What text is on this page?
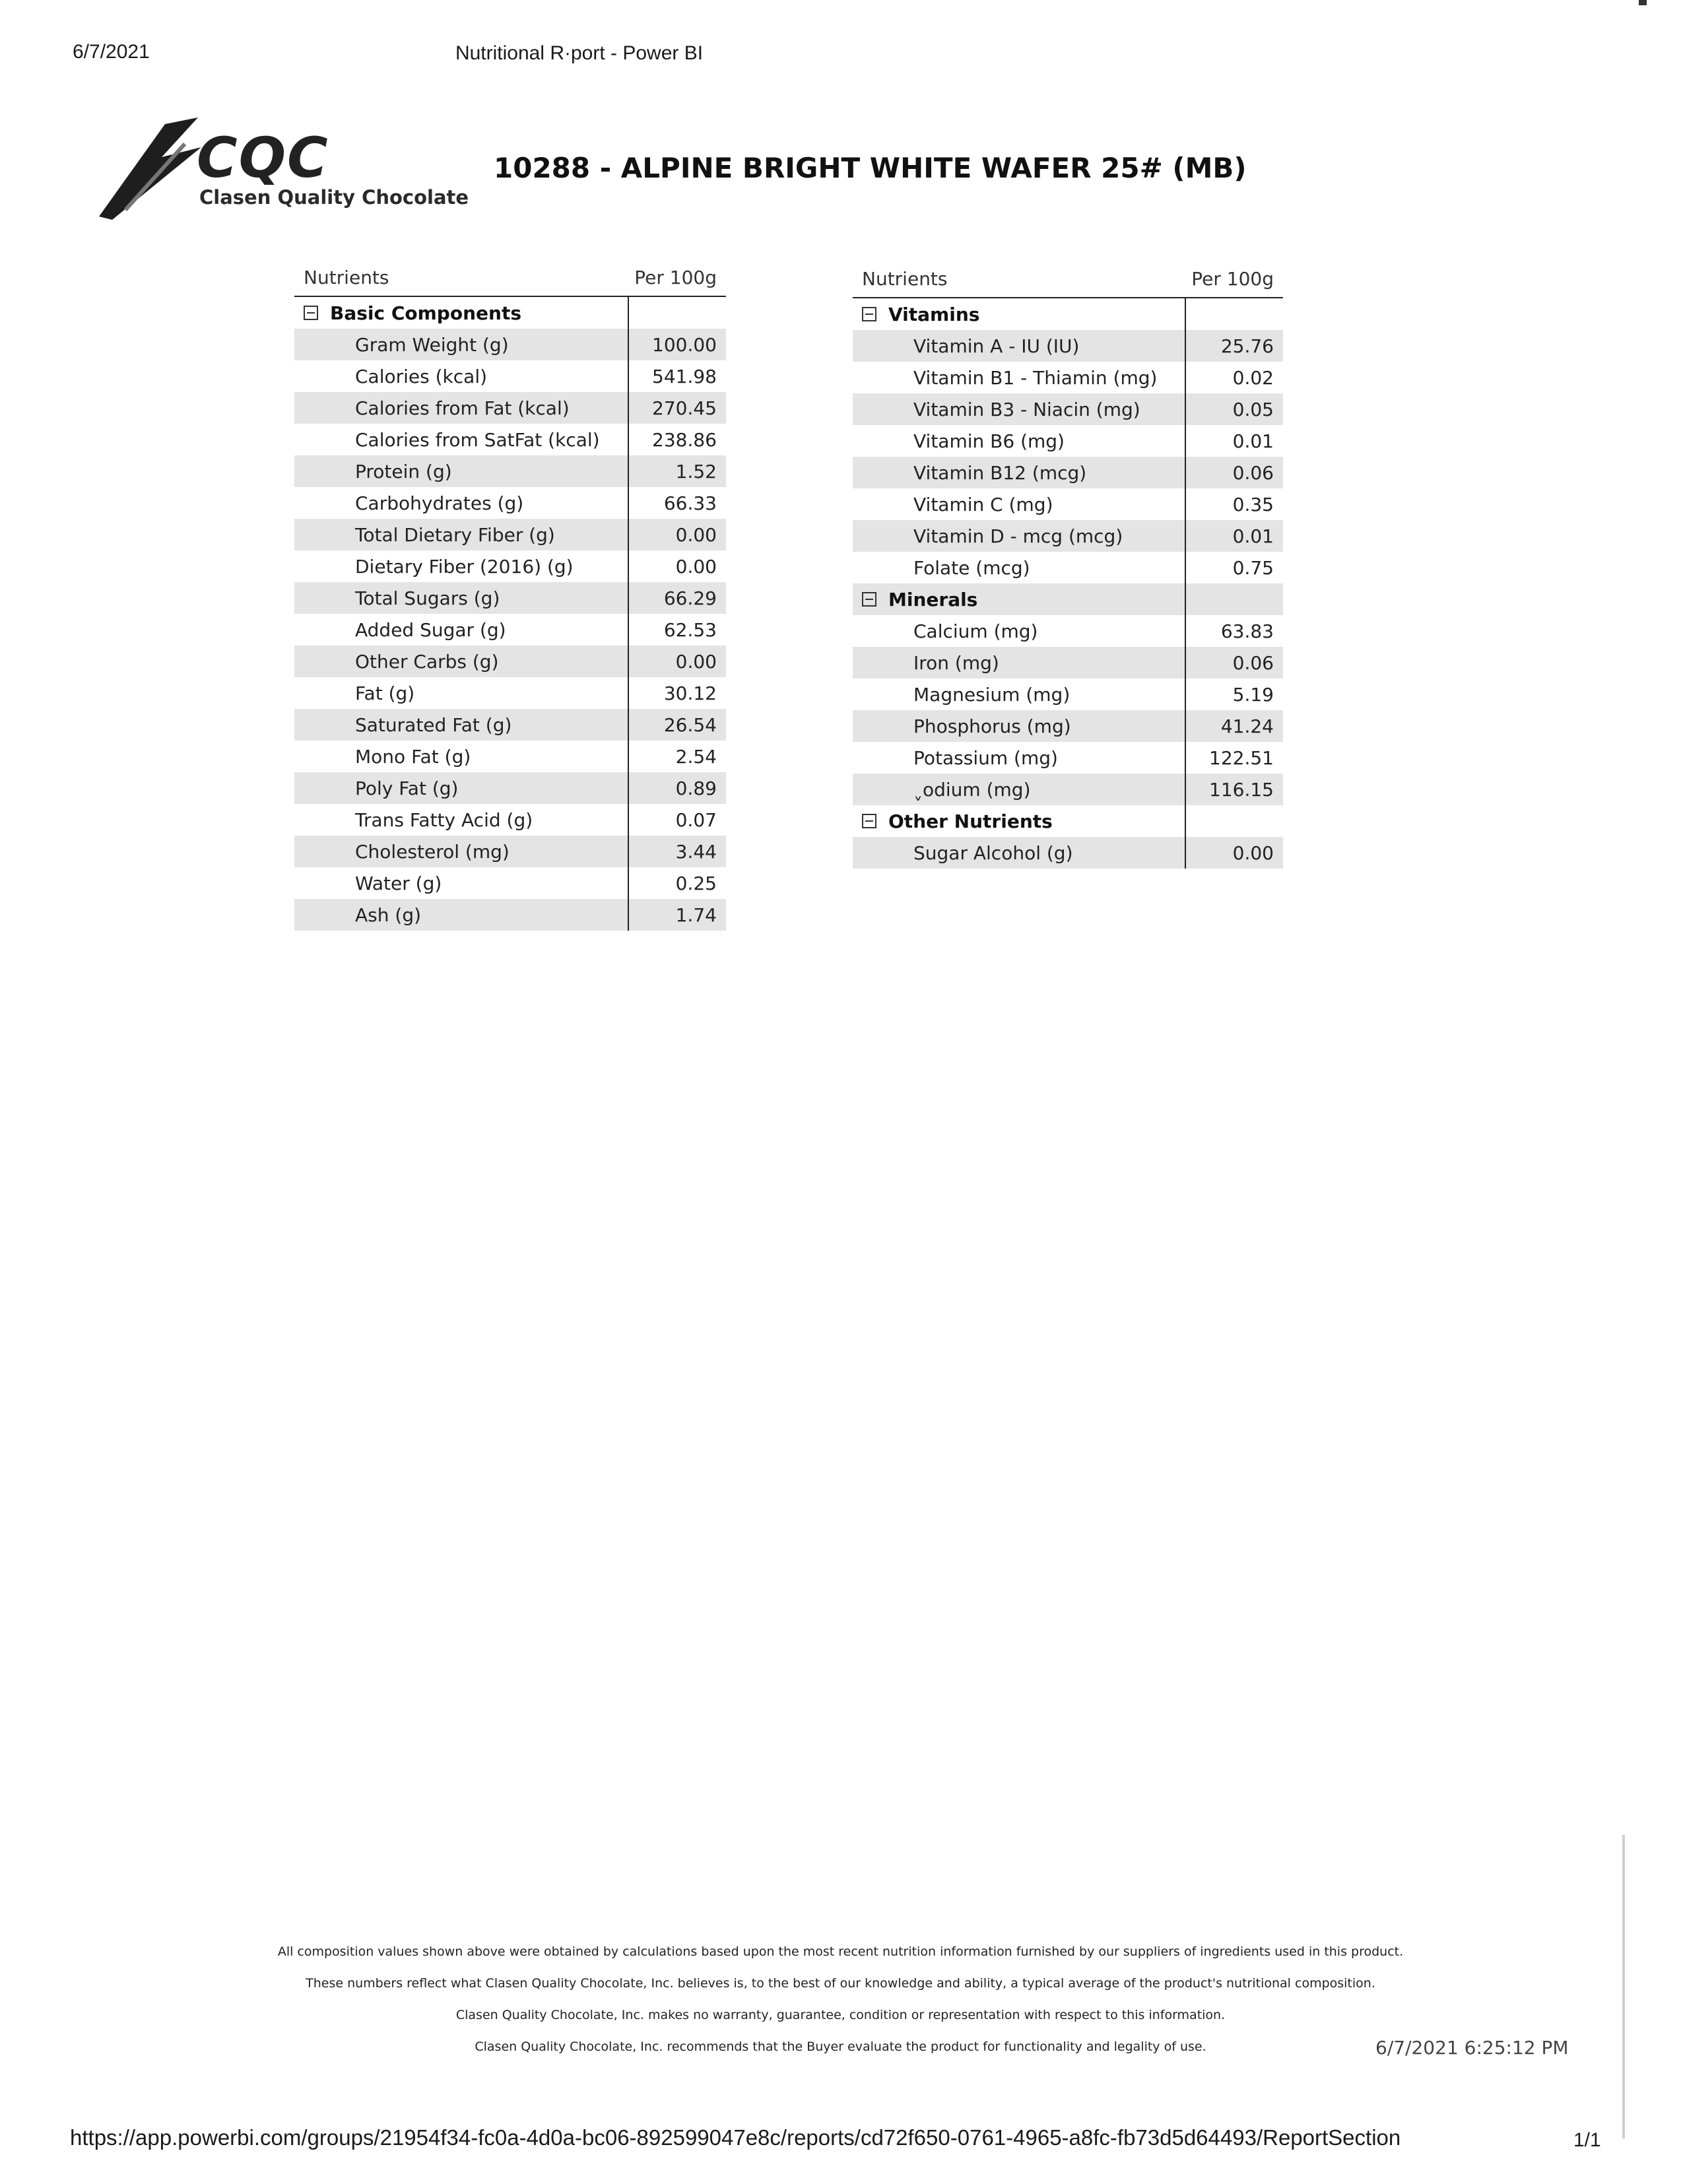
6/7/2021	Nutritional R·port - Power BI
CQC
Clasen Quality Chocolate
10288 - ALPINE BRIGHT WHITE WAFER 25# (MB)
Nutrients	Per 100g
Basic Components	
Gram Weight (g)	100.00
Calories (kcal)	541.98
Calories from Fat (kcal)	270.45
Calories from SatFat (kcal)	238.86
Protein (g)	1.52
Carbohydrates (g)	66.33
Total Dietary Fiber (g)	0.00
Dietary Fiber (2016) (g)	0.00
Total Sugars (g)	66.29
Added Sugar (g)	62.53
Other Carbs (g)	0.00
Fat (g)	30.12
Saturated Fat (g)	26.54
Mono Fat (g)	2.54
Poly Fat (g)	0.89
Trans Fatty Acid (g)	0.07
Cholesterol (mg)	3.44
Water (g)	0.25
Ash (g)	1.74
Nutrients	Per 100g
Vitamins	
Vitamin A - IU (IU)	25.76
Vitamin B1 - Thiamin (mg)	0.02
Vitamin B3 - Niacin (mg)	0.05
Vitamin B6 (mg)	0.01
Vitamin B12 (mcg)	0.06
Vitamin C (mg)	0.35
Vitamin D - mcg (mcg)	0.01
Folate (mcg)	0.75
Minerals	
Calcium (mg)	63.83
Iron (mg)	0.06
Magnesium (mg)	5.19
Phosphorus (mg)	41.24
Potassium (mg)	122.51
ˬodium (mg)	116.15
Other Nutrients	
Sugar Alcohol (g)	0.00
All composition values shown above were obtained by calculations based upon the most recent nutrition information furnished by our suppliers of ingredients used in this product.
These numbers reflect what Clasen Quality Chocolate, Inc. believes is, to the best of our knowledge and ability, a typical average of the product's nutritional composition.
Clasen Quality Chocolate, Inc. makes no warranty, guarantee, condition or representation with respect to this information.
Clasen Quality Chocolate, Inc. recommends that the Buyer evaluate the product for functionality and legality of use.	6/7/2021 6:25:12 PM
https://app.powerbi.com/groups/21954f34-fc0a-4d0a-bc06-892599047e8c/reports/cd72f650-0761-4965-a8fc-fb73d5d64493/ReportSection	1/1
